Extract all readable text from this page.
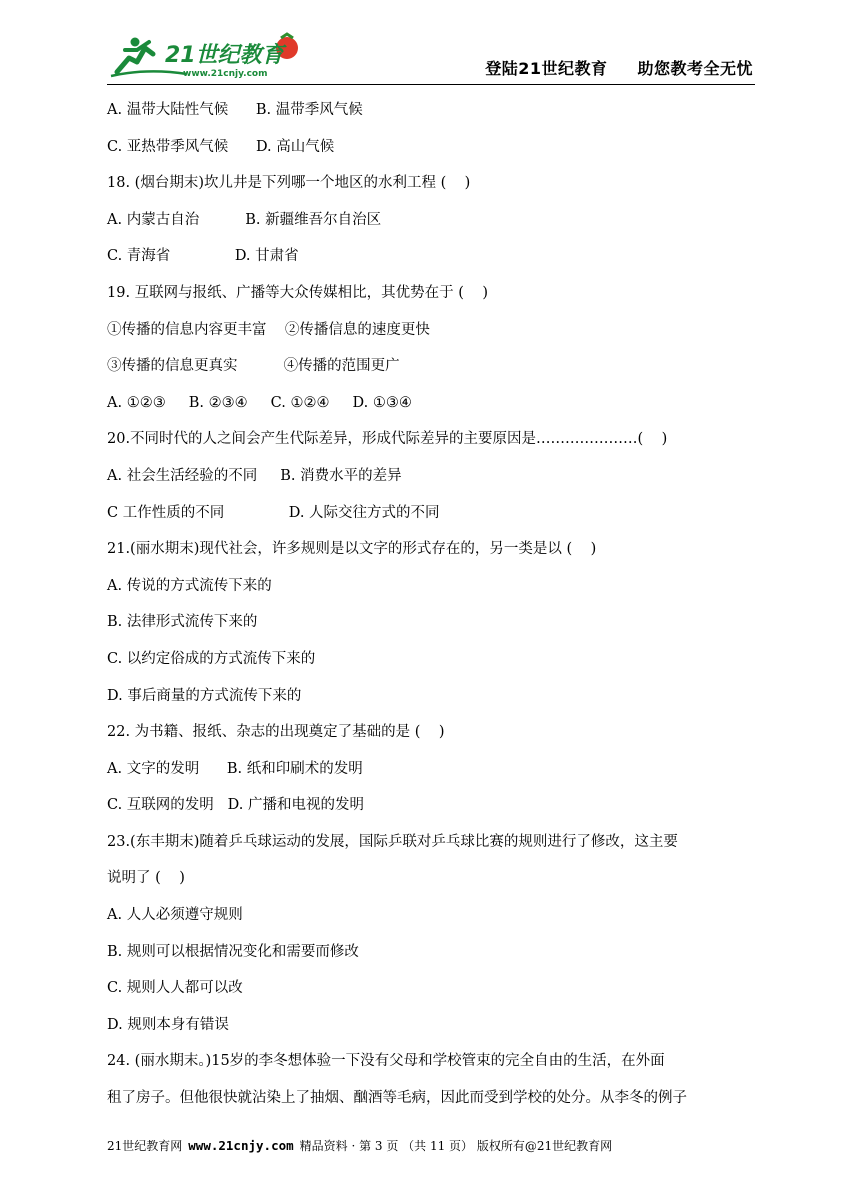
21世纪教育
www.21cnjy.com	登陆21世纪教育 助您教考全无忧
A. 温带大陆性气候      B. 温带季风气候
C. 亚热带季风气候      D. 高山气候
18. (烟台期末)坎儿井是下列哪一个地区的水利工程 (    )
A. 内蒙古自治          B. 新疆维吾尔自治区
C. 青海省              D. 甘肃省
19. 互联网与报纸、广播等大众传媒相比，其优势在于 (    )
①传播的信息内容更丰富    ②传播信息的速度更快
③传播的信息更真实          ④传播的范围更广
A. ①②③     B. ②③④     C. ①②④     D. ①③④
20.不同时代的人之间会产生代际差异，形成代际差异的主要原因是…………………(    )
A. 社会生活经验的不同     B. 消费水平的差异
C 工作性质的不同              D. 人际交往方式的不同
21.(丽水期末)现代社会，许多规则是以文字的形式存在的，另一类是以 (    )
A. 传说的方式流传下来的
B. 法律形式流传下来的
C. 以约定俗成的方式流传下来的
D. 事后商量的方式流传下来的
22. 为书籍、报纸、杂志的出现奠定了基础的是 (    )
A. 文字的发明      B. 纸和印刷术的发明
C. 互联网的发明   D. 广播和电视的发明
23.(东丰期末)随着乒乓球运动的发展，国际乒联对乒乓球比赛的规则进行了修改，这主要
说明了 (    )
A. 人人必须遵守规则
B. 规则可以根据情况变化和需要而修改
C. 规则人人都可以改
D. 规则本身有错误
24. (丽水期末。)15岁的李冬想体验一下没有父母和学校管束的完全自由的生活，在外面
租了房子。但他很快就沾染上了抽烟、酗酒等毛病，因此而受到学校的处分。从李冬的例子
21世纪教育网 www.21cnjy.com 精品资料 · 第 3 页 （共 11 页） 版权所有@21世纪教育网
